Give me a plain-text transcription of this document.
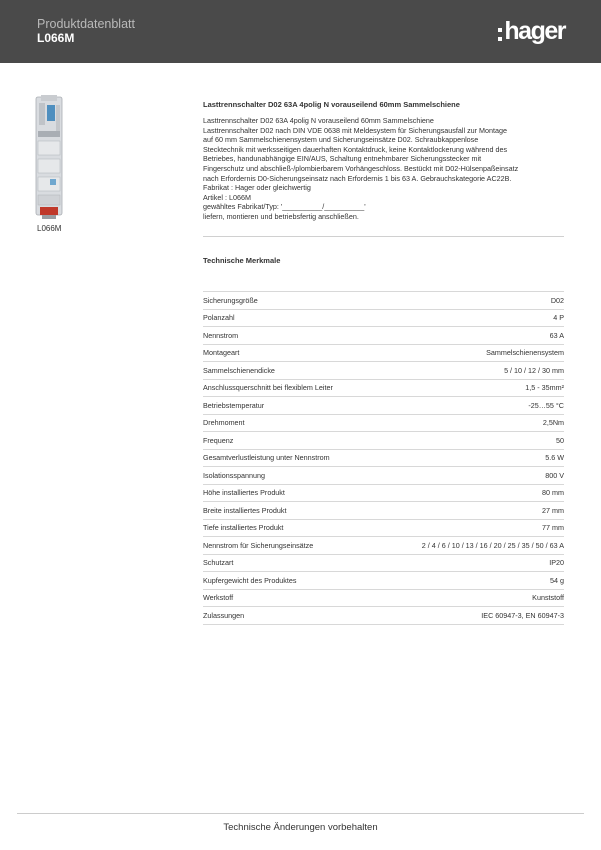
Produktdatenblatt
L066M	hager
L066M
Lasttrennschalter D02 63A 4polig N vorauseilend 60mm Sammelschiene
Lasttrennschalter D02 63A 4polig N vorauseilend 60mm Sammelschiene
Lasttrennschalter D02 nach DIN VDE 0638 mit Meldesystem für Sicherungsausfall zur Montage
auf 60 mm Sammelschienensystem und Sicherungseinsätze D02. Schraubkappenlose
Stecktechnik mit werksseitigen dauerhaften Kontaktdruck, keine Kontaktlockerung während des
Betriebes, handunabhängige EIN/AUS, Schaltung entnehmbarer Sicherungsstecker mit
Fingerschutz und abschließ-/plombierbarem Vorhängeschloss. Bestückt mit D02-Hülsenpaßeinsatz
nach Erfordernis D0-Sicherungseinsatz nach Erfordernis 1 bis 63 A. Gebrauchskategorie AC22B.
Fabrikat : Hager oder gleichwertig
Artikel : L066M
gewähltes Fabrikat/Typ: '__________/__________'
liefern, montieren und betriebsfertig anschließen.
Technische Merkmale
Sicherungsgröße	D02
Polanzahl	4 P
Nennstrom	63 A
Montageart	Sammelschienensystem
Sammelschienendicke	5 / 10 / 12 / 30 mm
Anschlussquerschnitt bei flexiblem Leiter	1,5 - 35mm²
Betriebstemperatur	-25…55 °C
Drehmoment	2,5Nm
Frequenz	50
Gesamtverlustleistung unter Nennstrom	5.6 W
Isolationsspannung	800 V
Höhe installiertes Produkt	80 mm
Breite installiertes Produkt	27 mm
Tiefe installiertes Produkt	77 mm
Nennstrom für Sicherungseinsätze	2 / 4 / 6 / 10 / 13 / 16 / 20 / 25 / 35 / 50 / 63 A
Schutzart	IP20
Kupfergewicht des Produktes	54 g
Werkstoff	Kunststoff
Zulassungen	IEC 60947-3, EN 60947-3
Technische Änderungen vorbehalten
